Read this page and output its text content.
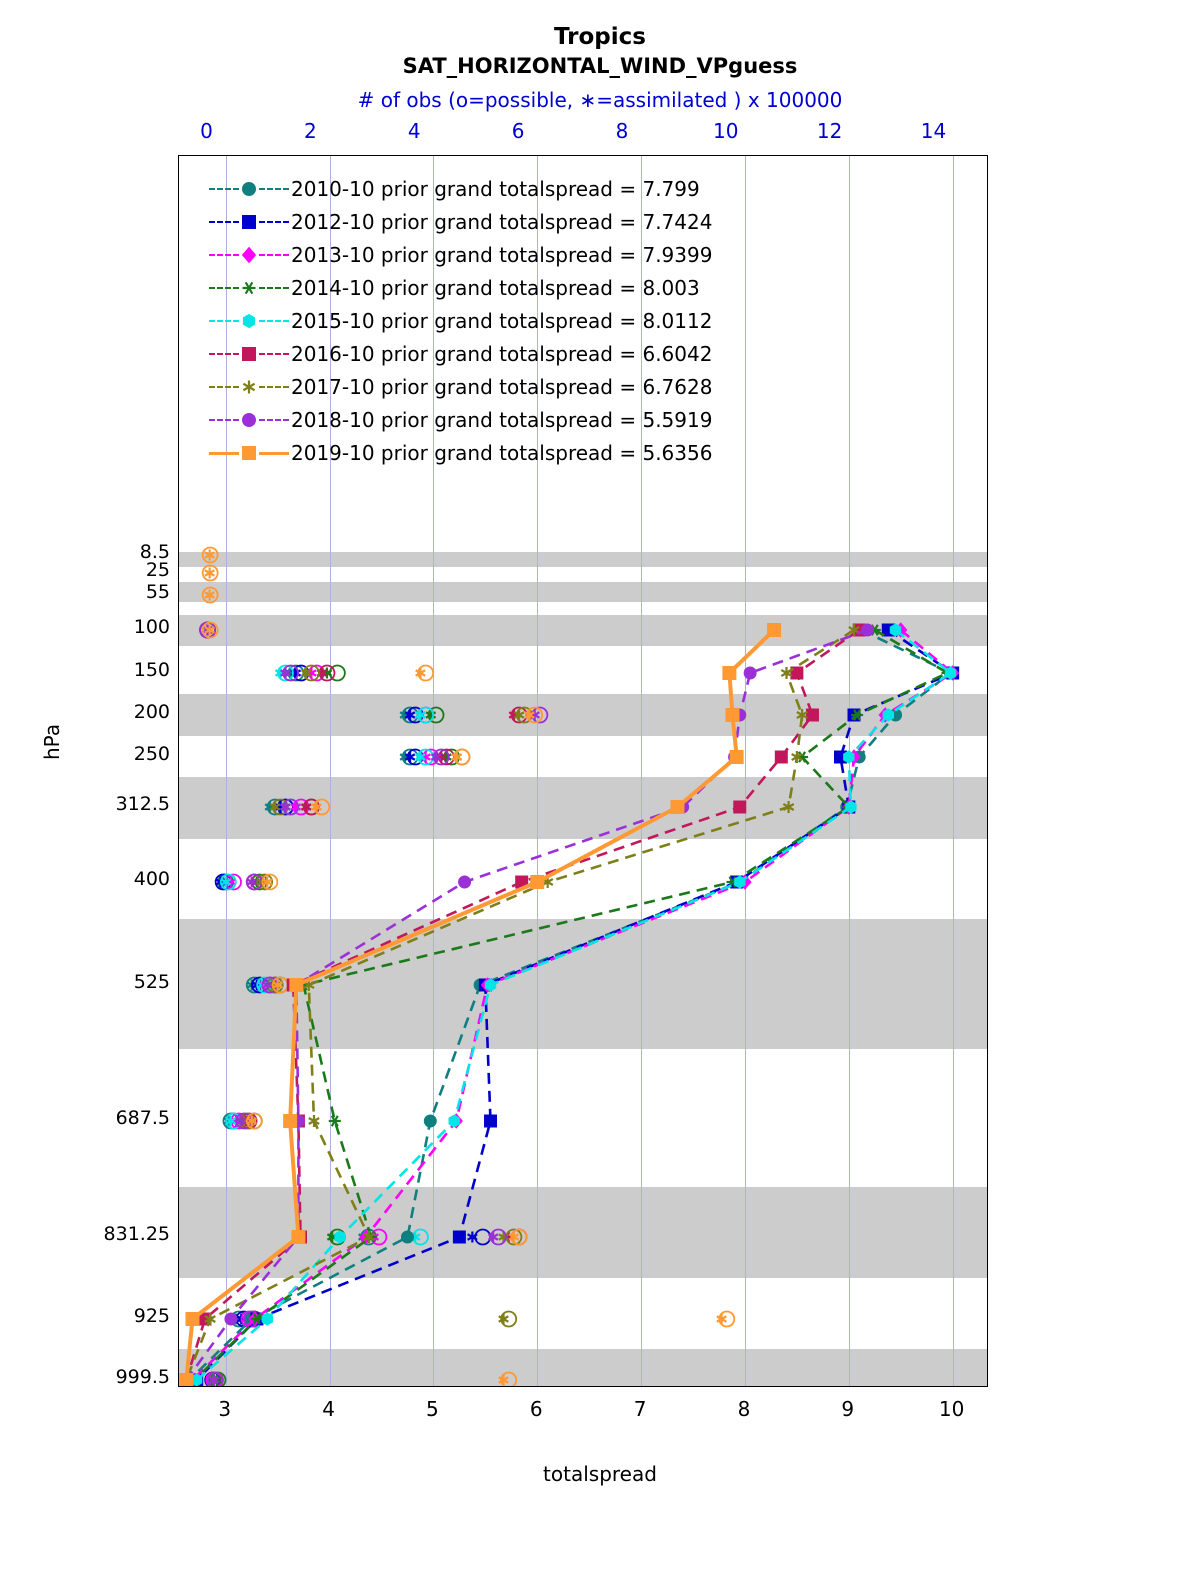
Tropics
SAT_HORIZONTAL_WIND_VPguess
# of obs (o=possible, ∗=assimilated ) x 100000
hPa
totalspread
0	2	4	6	8	10	12	14
3	4	5	6	7	8	9	10
8.5
25
55
100
150
200
250
312.5
400
525
687.5
831.25
925
999.5
2010-10 prior grand totalspread = 7.799
2012-10 prior grand totalspread = 7.7424
2013-10 prior grand totalspread = 7.9399
2014-10 prior grand totalspread = 8.003
2015-10 prior grand totalspread = 8.0112
2016-10 prior grand totalspread = 6.6042
2017-10 prior grand totalspread = 6.7628
2018-10 prior grand totalspread = 5.5919
2019-10 prior grand totalspread = 5.6356
